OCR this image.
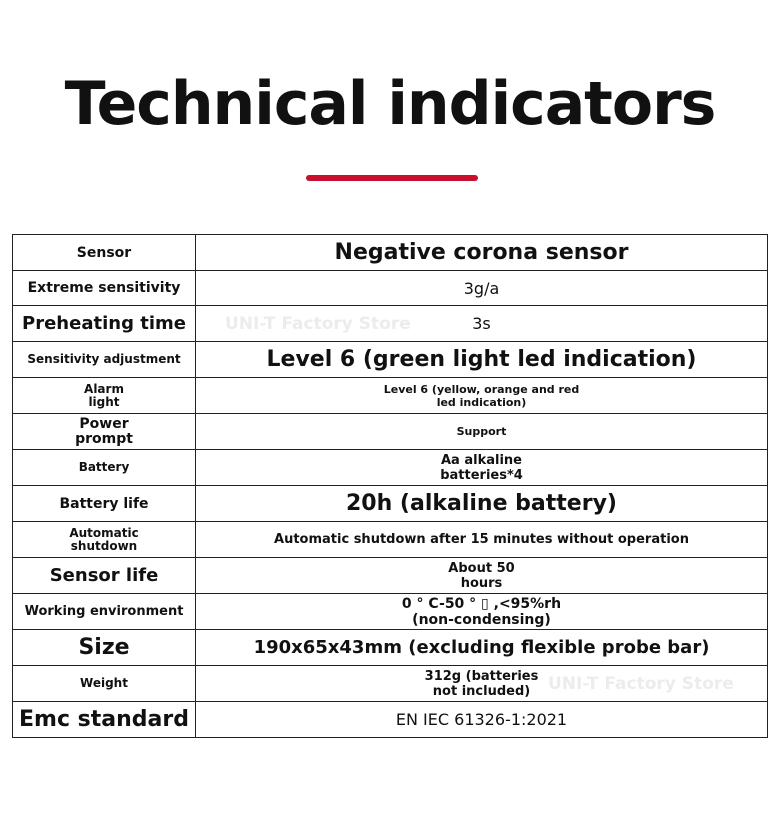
Technical indicators
Sensor	Negative corona sensor
Extreme sensitivity	3g/a
Preheating time	3s
Sensitivity adjustment	Level 6 (green light led indication)

Alarm light	Level 6 (yellow, orange and red led indication)

Power prompt	Support
Battery	Aa alkaline batteries*4

Battery life	20h (alkaline battery)

Automatic shutdown	Automatic shutdown after 15 minutes without operation
Sensor life	About 50 hours

Working environment	0 ° C-50 ° ▯ ,<95%rh (non-condensing)

Size	190x65x43mm (excluding flexible probe bar)
Weight	312g (batteries not included)

Emc standard	EN IEC 61326-1:2021
UNI-T Factory Store
UNI-T Factory Store
